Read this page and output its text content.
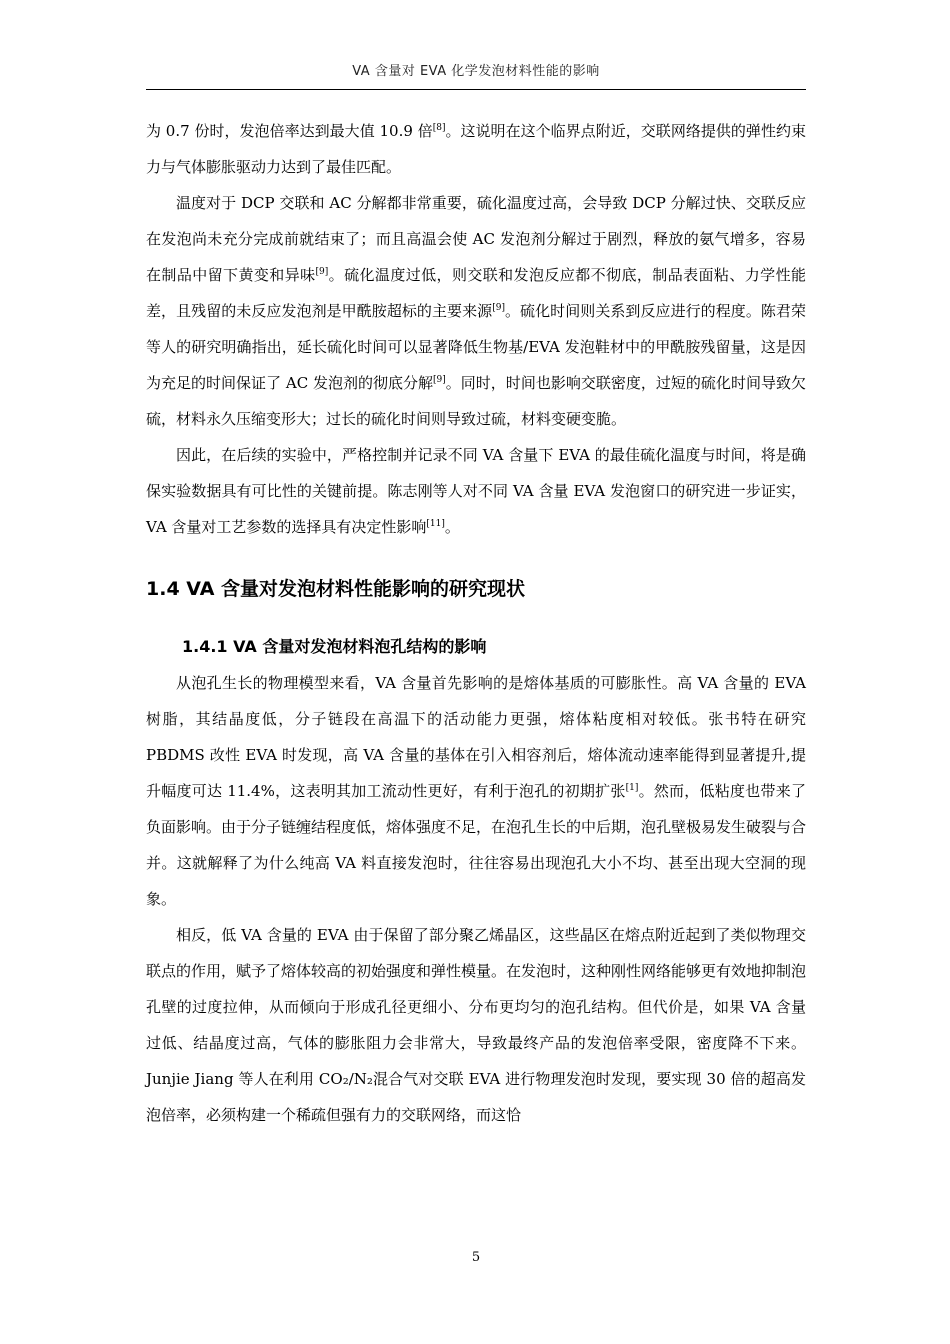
VA 含量对 EVA 化学发泡材料性能的影响

为 0.7 份时，发泡倍率达到最大值 10.9 倍[8]。这说明在这个临界点附近，交联网络提供的弹性约束力与气体膨胀驱动力达到了最佳匹配。

温度对于 DCP 交联和 AC 分解都非常重要，硫化温度过高，会导致 DCP 分解过快、交联反应在发泡尚未充分完成前就结束了；而且高温会使 AC 发泡剂分解过于剧烈，释放的氨气增多，容易在制品中留下黄变和异味[9]。硫化温度过低，则交联和发泡反应都不彻底，制品表面粘、力学性能差，且残留的未反应发泡剂是甲酰胺超标的主要来源[9]。硫化时间则关系到反应进行的程度。陈君荣等人的研究明确指出，延长硫化时间可以显著降低生物基/EVA 发泡鞋材中的甲酰胺残留量，这是因为充足的时间保证了 AC 发泡剂的彻底分解[9]。同时，时间也影响交联密度，过短的硫化时间导致欠硫，材料永久压缩变形大；过长的硫化时间则导致过硫，材料变硬变脆。

因此，在后续的实验中，严格控制并记录不同 VA 含量下 EVA 的最佳硫化温度与时间，将是确保实验数据具有可比性的关键前提。陈志刚等人对不同 VA 含量 EVA 发泡窗口的研究进一步证实，VA 含量对工艺参数的选择具有决定性影响[11]。

1.4 VA 含量对发泡材料性能影响的研究现状
1.4.1 VA 含量对发泡材料泡孔结构的影响

从泡孔生长的物理模型来看，VA 含量首先影响的是熔体基质的可膨胀性。高 VA 含量的 EVA 树脂，其结晶度低，分子链段在高温下的活动能力更强，熔体粘度相对较低。张书特在研究 PBDMS 改性 EVA 时发现，高 VA 含量的基体在引入相容剂后，熔体流动速率能得到显著提升,提升幅度可达 11.4%，这表明其加工流动性更好，有利于泡孔的初期扩张[1]。然而，低粘度也带来了负面影响。由于分子链缠结程度低，熔体强度不足，在泡孔生长的中后期，泡孔壁极易发生破裂与合并。这就解释了为什么纯高 VA 料直接发泡时，往往容易出现泡孔大小不均、甚至出现大空洞的现象。

相反，低 VA 含量的 EVA 由于保留了部分聚乙烯晶区，这些晶区在熔点附近起到了类似物理交联点的作用，赋予了熔体较高的初始强度和弹性模量。在发泡时，这种刚性网络能够更有效地抑制泡孔壁的过度拉伸，从而倾向于形成孔径更细小、分布更均匀的泡孔结构。但代价是，如果 VA 含量过低、结晶度过高，气体的膨胀阻力会非常大，导致最终产品的发泡倍率受限，密度降不下来。Junjie Jiang 等人在利用 CO₂/N₂混合气对交联 EVA 进行物理发泡时发现，要实现 30 倍的超高发泡倍率，必须构建一个稀疏但强有力的交联网络，而这恰

5
